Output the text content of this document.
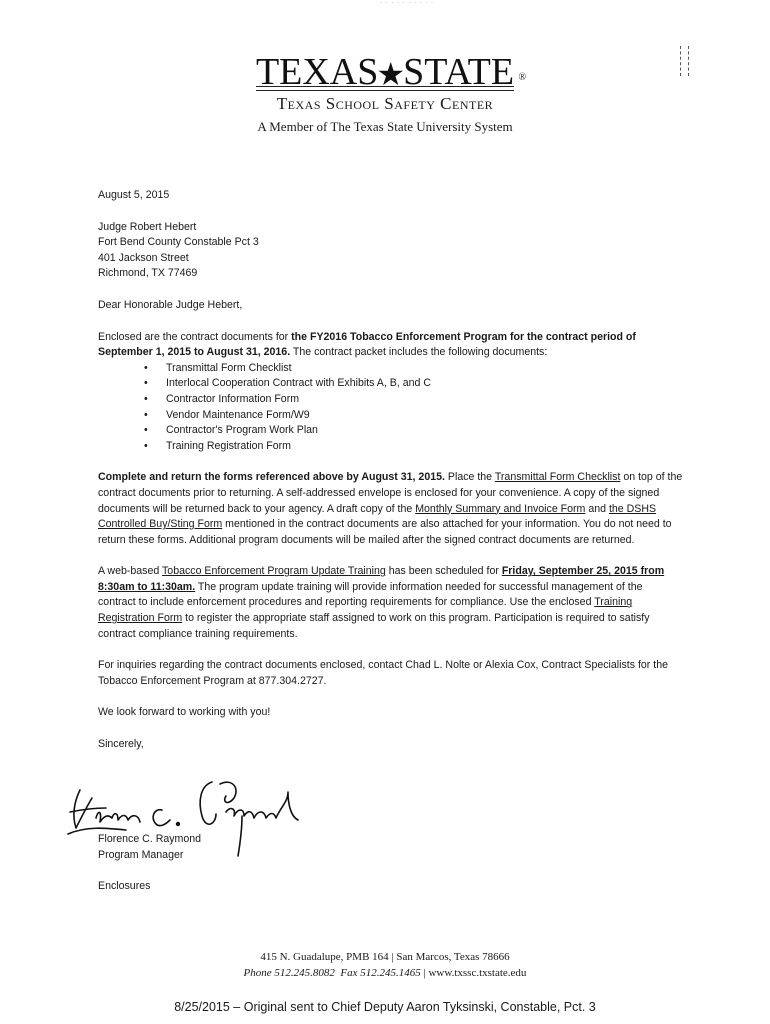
· · · · · · · · · ·
TEXAS★STATE ®
Texas School Safety Center
A Member of The Texas State University System

August 5, 2015

Judge Robert Hebert

Fort Bend County Constable Pct 3

401 Jackson Street

Richmond, TX 77469

Dear Honorable Judge Hebert,

Enclosed are the contract documents for the FY2016 Tobacco Enforcement Program for the contract period of September 1, 2015 to August 31, 2016. The contract packet includes the following documents:

• Transmittal Form Checklist
• Interlocal Cooperation Contract with Exhibits A, B, and C
• Contractor Information Form
• Vendor Maintenance Form/W9
• Contractor's Program Work Plan
• Training Registration Form

Complete and return the forms referenced above by August 31, 2015. Place the Transmittal Form Checklist on top of the contract documents prior to returning. A self-addressed envelope is enclosed for your convenience. A copy of the signed documents will be returned back to your agency. A draft copy of the Monthly Summary and Invoice Form and the DSHS Controlled Buy/Sting Form mentioned in the contract documents are also attached for your information. You do not need to return these forms. Additional program documents will be mailed after the signed contract documents are returned.

A web-based Tobacco Enforcement Program Update Training has been scheduled for Friday, September 25, 2015 from 8:30am to 11:30am. The program update training will provide information needed for successful management of the contract to include enforcement procedures and reporting requirements for compliance. Use the enclosed Training Registration Form to register the appropriate staff assigned to work on this program. Participation is required to satisfy contract compliance training requirements.

For inquiries regarding the contract documents enclosed, contact Chad L. Nolte or Alexia Cox, Contract Specialists for the Tobacco Enforcement Program at 877.304.2727.

We look forward to working with you!

Sincerely,

Florence C. Raymond
Program Manager
Enclosures
415 N. Guadalupe, PMB 164 | San Marcos, Texas 78666
Phone 512.245.8082 Fax 512.245.1465 | www.txssc.txstate.edu
8/25/2015 – Original sent to Chief Deputy Aaron Tyksinski, Constable, Pct. 3
